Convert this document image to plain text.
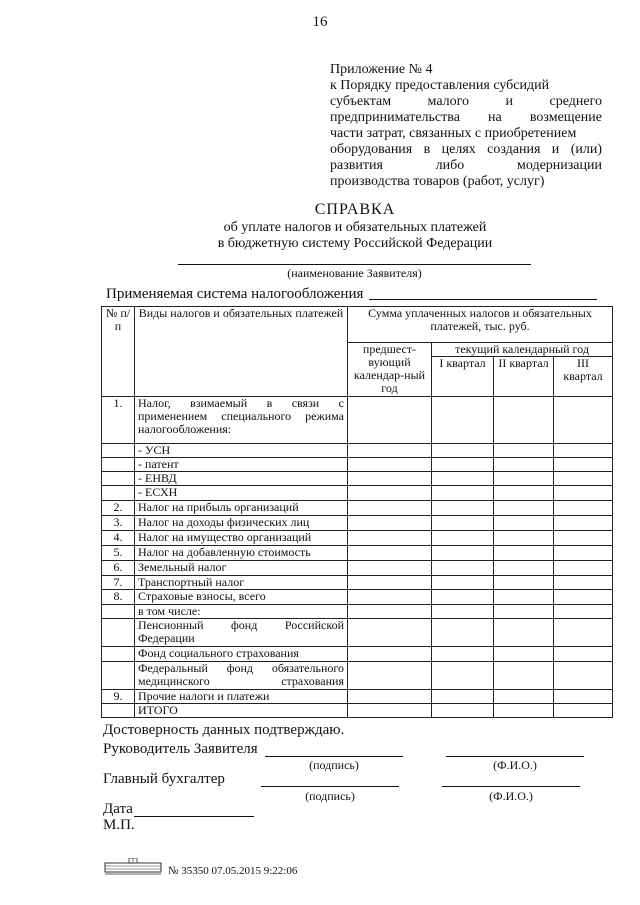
16
Приложение № 4
к Порядку предоставления субсидий
субъектам малого и среднего
предпринимательства на возмещение
части затрат, связанных с приобретением
оборудования в целях создания и (или)
развития либо модернизации
производства товаров (работ, услуг)
СПРАВКА
об уплате налогов и обязательных платежей
в бюджетную систему Российской Федерации
(наименование Заявителя)
Применяемая система налогообложения
№ п/п	Виды налогов и обязательных платежей	Сумма уплаченных налогов и обязательных платежей, тыс. руб.			
		предшест-вующий календар-ный год	текущий календарный год		
			I квартал	II квартал	III квартал
1.	Налог, взимаемый в связи с применением специального режима налогообложения:				
	- УСН				
	- патент				
	- ЕНВД				
	- ЕСХН				
2.	Налог на прибыль организаций				
3.	Налог на доходы физических лиц				
4.	Налог на имущество организаций				
5.	Налог на добавленную стоимость				
6.	Земельный налог				
7.	Транспортный налог				
8.	Страховые взносы, всего				
	в том числе:				
	Пенсионный фонд Российской Федерации				
	Фонд социального страхования				
	Федеральный фонд обязательного медицинского страхования				
9.	Прочие налоги и платежи				
	ИТОГО				
Достоверность данных подтверждаю.
Руководитель Заявителя
(подпись)	(Ф.И.О.)
Главный бухгалтер
(подпись)	(Ф.И.О.)
Дата
М.П.
№ 35350 07.05.2015 9:22:06
